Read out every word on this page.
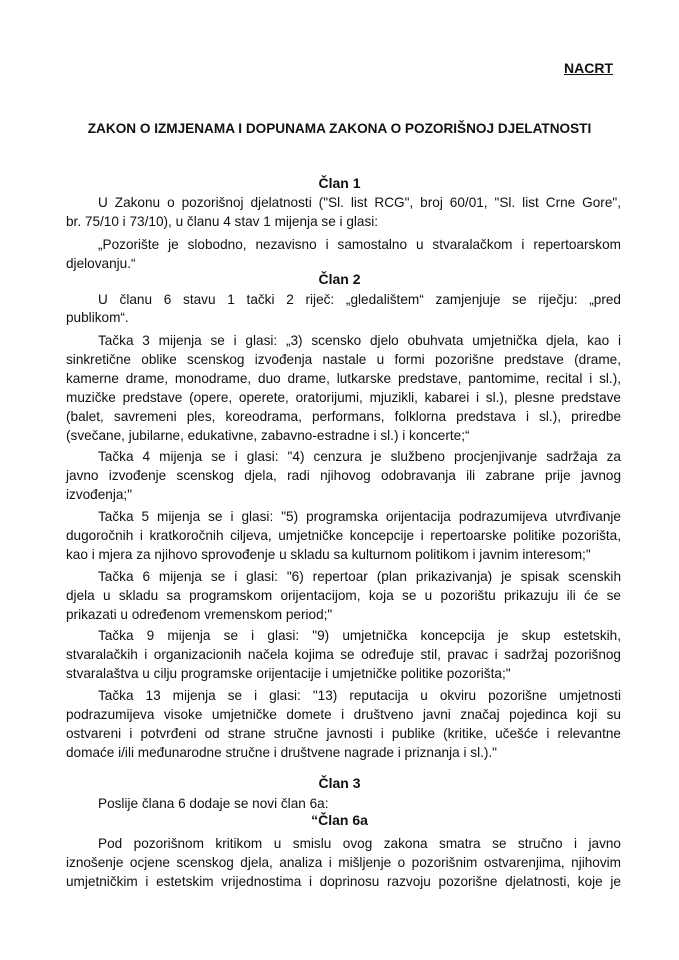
NACRT
ZAKON O IZMJENAMA I DOPUNAMA ZAKONA O POZORIŠNOJ DJELATNOSTI
Član 1
U Zakonu o pozorišnoj djelatnosti ("Sl. list RCG", broj 60/01, "Sl. list Crne Gore",
br. 75/10 i 73/10), u članu 4 stav 1 mijenja se i glasi:
„Pozorište je slobodno, nezavisno i samostalno u stvaralačkom i repertoarskom
djelovanju.“
Član 2
U članu 6 stavu 1 tački 2 riječ: „gledalištem“ zamjenjuje se riječju: „pred
publikom“.
Tačka 3 mijenja se i glasi: „3) scensko djelo obuhvata umjetnička djela, kao i
sinkretične oblike scenskog izvođenja nastale u formi pozorišne predstave (drame,
kamerne drame, monodrame, duo drame, lutkarske predstave, pantomime, recital i sl.),
muzičke predstave (opere, operete, oratorijumi, mjuzikli, kabarei i sl.), plesne predstave
(balet, savremeni ples, koreodrama, performans, folklorna predstava i sl.), priredbe
(svečane, jubilarne, edukativne, zabavno-estradne i sl.) i koncerte;“
Tačka 4 mijenja se i glasi: "4) cenzura je službeno procjenjivanje sadržaja za
javno izvođenje scenskog djela, radi njihovog odobravanja ili zabrane prije javnog
izvođenja;"
Tačka 5 mijenja se i glasi: "5) programska orijentacija podrazumijeva utvrđivanje
dugoročnih i kratkoročnih ciljeva, umjetničke koncepcije i repertoarske politike pozorišta,
kao i mjera za njihovo sprovođenje u skladu sa kulturnom politikom i javnim interesom;"
Tačka 6 mijenja se i glasi: "6) repertoar (plan prikazivanja) je spisak scenskih
djela u skladu sa programskom orijentacijom, koja se u pozorištu prikazuju ili će se
prikazati u određenom vremenskom period;"
Tačka 9 mijenja se i glasi: "9) umjetnička koncepcija je skup estetskih,
stvaralačkih i organizacionih načela kojima se određuje stil, pravac i sadržaj pozorišnog
stvaralaštva u cilju programske orijentacije i umjetničke politike pozorišta;"
Tačka 13 mijenja se i glasi: "13) reputacija u okviru pozorišne umjetnosti
podrazumijeva visoke umjetničke domete i društveno javni značaj pojedinca koji su
ostvareni i potvrđeni od strane stručne javnosti i publike (kritike, učešće i relevantne
domaće i/ili međunarodne stručne i društvene nagrade i priznanja i sl.)."
Član 3
Poslije člana 6 dodaje se novi član 6a:
“Član 6a
Pod pozorišnom kritikom u smislu ovog zakona smatra se stručno i javno
iznošenje ocjene scenskog djela, analiza i mišljenje o pozorišnim ostvarenjima, njihovim
umjetničkim i estetskim vrijednostima i doprinosu razvoju pozorišne djelatnosti, koje je
